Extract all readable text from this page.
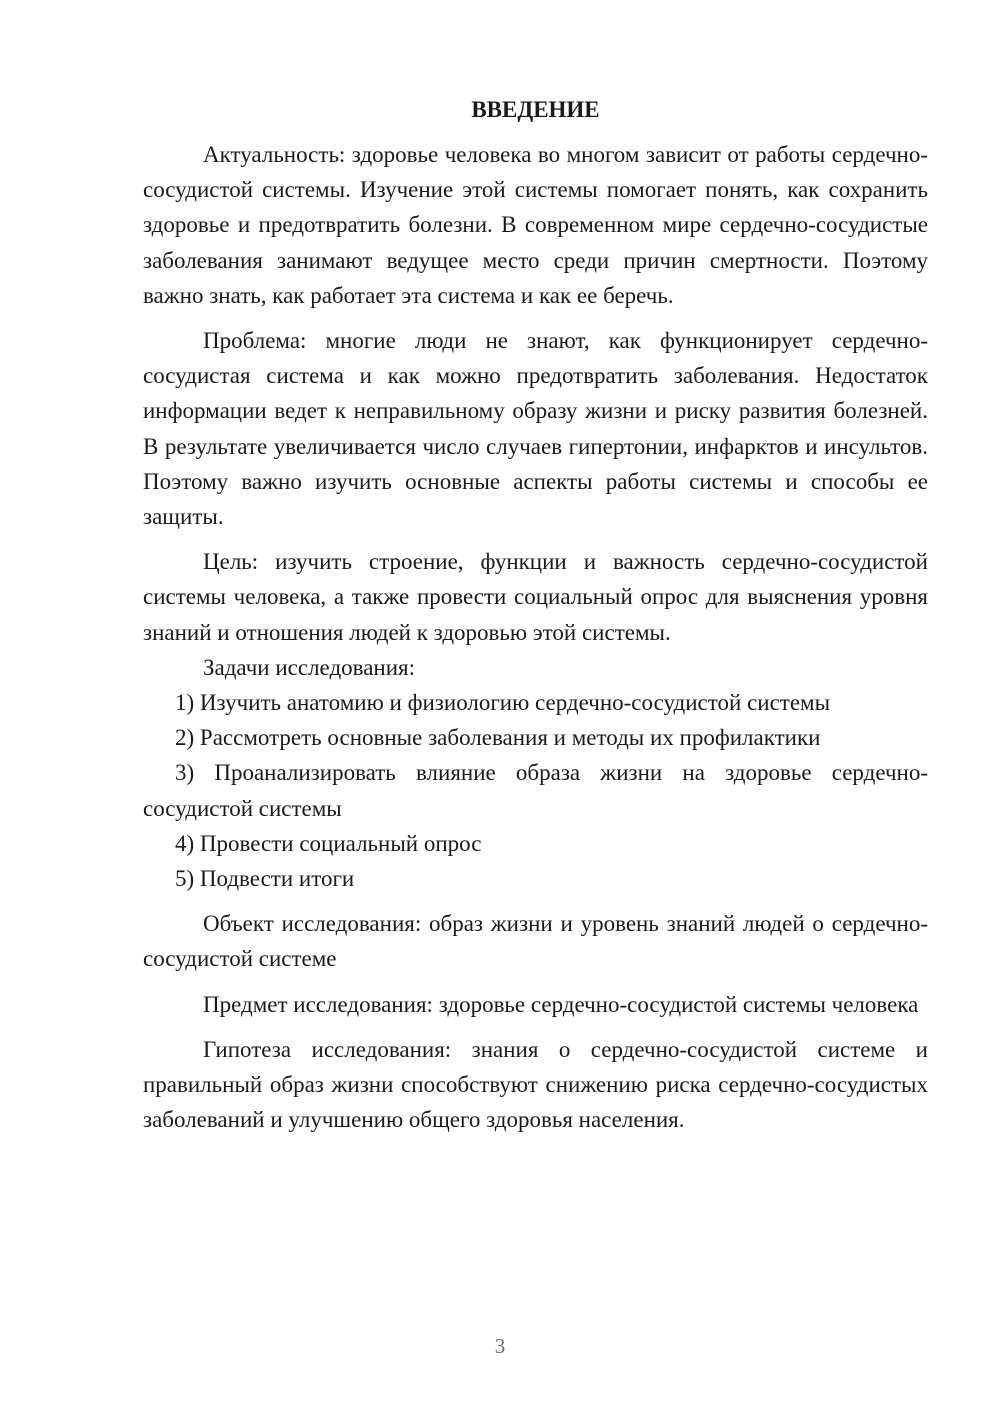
ВВЕДЕНИЕ

Актуальность: здоровье человека во многом зависит от работы сердечно-сосудистой системы. Изучение этой системы помогает понять, как сохранить здоровье и предотвратить болезни. В современном мире сердечно-сосудистые заболевания занимают ведущее место среди причин смертности. Поэтому важно знать, как работает эта система и как ее беречь.

Проблема: многие люди не знают, как функционирует сердечно-сосудистая система и как можно предотвратить заболевания. Недостаток информации ведет к неправильному образу жизни и риску развития болезней. В результате увеличивается число случаев гипертонии, инфарктов и инсультов. Поэтому важно изучить основные аспекты работы системы и способы ее защиты.

Цель: изучить строение, функции и важность сердечно-сосудистой системы человека, а также провести социальный опрос для выяснения уровня знаний и отношения людей к здоровью этой системы.

Задачи исследования:

1) Изучить анатомию и физиологию сердечно-сосудистой системы

2) Рассмотреть основные заболевания и методы их профилактики

3) Проанализировать влияние образа жизни на здоровье сердечно-сосудистой системы

4) Провести социальный опрос

5) Подвести итоги

Объект исследования: образ жизни и уровень знаний людей о сердечно-сосудистой системе

Предмет исследования: здоровье сердечно-сосудистой системы человека

Гипотеза исследования: знания о сердечно-сосудистой системе и правильный образ жизни способствуют снижению риска сердечно-сосудистых заболеваний и улучшению общего здоровья населения.

3
